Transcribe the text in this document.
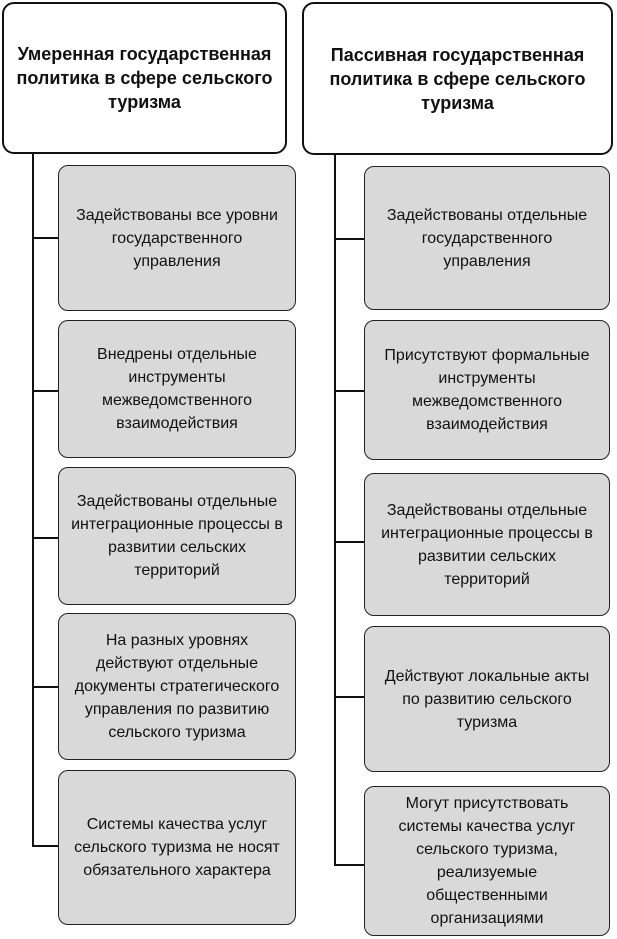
Умеренная государственная политика в сфере сельского туризма
Задействованы все уровни государственного управления
Внедрены отдельные инструменты межведомственного взаимодействия
Задействованы отдельные интеграционные процессы в развитии сельских территорий
На разных уровнях действуют отдельные документы стратегического управления по развитию сельского туризма
Системы качества услуг сельского туризма не носят обязательного характера
Пассивная государственная политика в сфере сельского туризма
Задействованы отдельные государственного управления
Присутствуют формальные инструменты межведомственного взаимодействия
Задействованы отдельные интеграционные процессы в развитии сельских территорий
Действуют локальные акты по развитию сельского туризма
Могут присутствовать системы качества услуг сельского туризма, реализуемые общественными организациями
